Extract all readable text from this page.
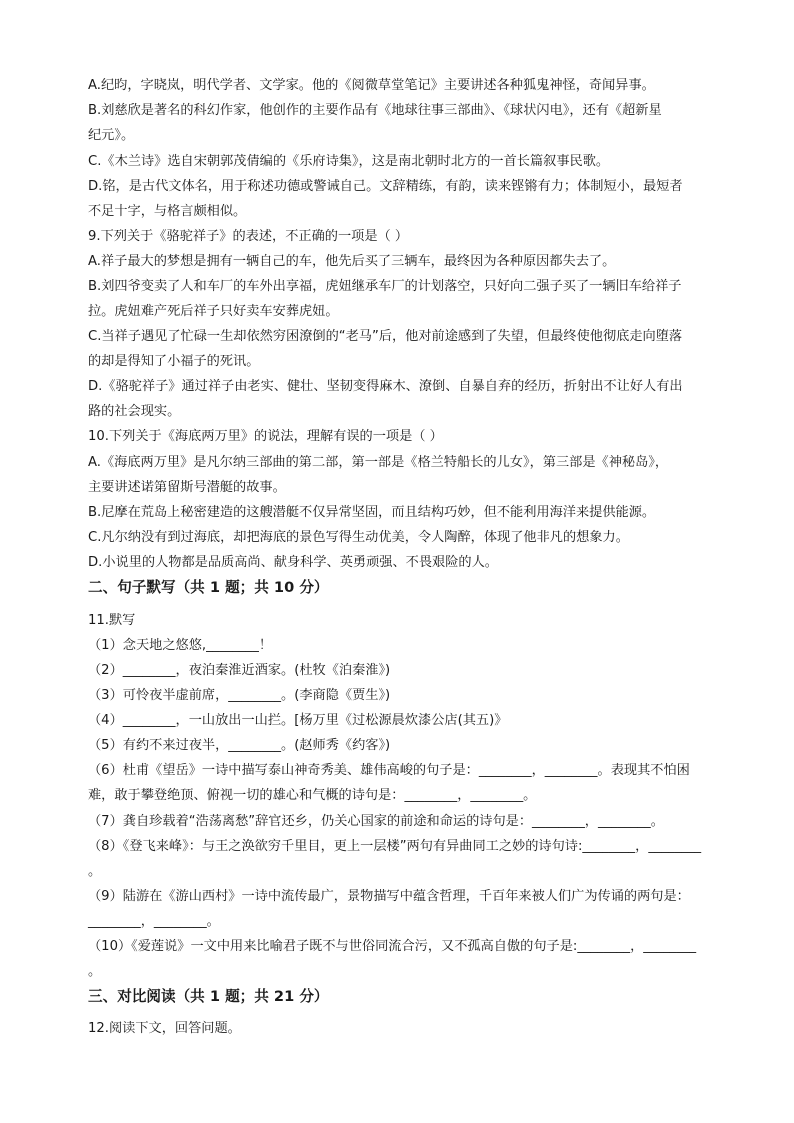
A.纪昀，字晓岚，明代学者、文学家。他的《阅微草堂笔记》主要讲述各种狐鬼神怪，奇闻异事。
B.刘慈欣是著名的科幻作家，他创作的主要作品有《地球往事三部曲》、《球状闪电》，还有《超新星
纪元》。
C.《木兰诗》选自宋朝郭茂倩编的《乐府诗集》，这是南北朝时北方的一首长篇叙事民歌。
D.铭，是古代文体名，用于称述功德或警诫自己。文辞精练，有韵，读来铿锵有力；体制短小，最短者
不足十字，与格言颇相似。
9.下列关于《骆驼祥子》的表述，不正确的一项是（ ）
A.祥子最大的梦想是拥有一辆自己的车，他先后买了三辆车，最终因为各种原因都失去了。
B.刘四爷变卖了人和车厂的车外出享福，虎妞继承车厂的计划落空，只好向二强子买了一辆旧车给祥子
拉。虎妞难产死后祥子只好卖车安葬虎妞。
C.当祥子遇见了忙碌一生却依然穷困潦倒的“老马”后，他对前途感到了失望，但最终使他彻底走向堕落
的却是得知了小福子的死讯。
D.《骆驼祥子》通过祥子由老实、健壮、坚韧变得麻木、潦倒、自暴自弃的经历，折射出不让好人有出
路的社会现实。
10.下列关于《海底两万里》的说法，理解有误的一项是（ ）
A.《海底两万里》是凡尔纳三部曲的第二部，第一部是《格兰特船长的儿女》，第三部是《神秘岛》，
主要讲述诺第留斯号潜艇的故事。
B.尼摩在荒岛上秘密建造的这艘潜艇不仅异常坚固，而且结构巧妙，但不能利用海洋来提供能源。
C.凡尔纳没有到过海底，却把海底的景色写得生动优美，令人陶醉，体现了他非凡的想象力。
D.小说里的人物都是品质高尚、献身科学、英勇顽强、不畏艰险的人。
二、句子默写（共 1 题；共 10 分）
11.默写
（1）念天地之悠悠,________！
（2）________，夜泊秦淮近酒家。(杜牧《泊秦淮》)
（3）可怜夜半虚前席，________。(李商隐《贾生》)
（4）________，一山放出一山拦。[杨万里《过松源晨炊漆公店(其五)》
（5）有约不来过夜半，________。(赵师秀《约客》)
（6）杜甫《望岳》一诗中描写泰山神奇秀美、雄伟高峻的句子是：________，________。表现其不怕困
难，敢于攀登绝顶、俯视一切的雄心和气概的诗句是：________，________。
（7）龚自珍载着“浩荡离愁”辞官还乡，仍关心国家的前途和命运的诗句是：________，________。
（8）《登飞来峰》：与王之涣欲穷千里目，更上一层楼”两句有异曲同工之妙的诗句诗:________，________
。
（9）陆游在《游山西村》一诗中流传最广，景物描写中蕴含哲理，千百年来被人们广为传诵的两句是：
________，________。
（10）《爱莲说》一文中用来比喻君子既不与世俗同流合污，又不孤高自傲的句子是:________，________
。
三、对比阅读（共 1 题；共 21 分）
12.阅读下文，回答问题。
